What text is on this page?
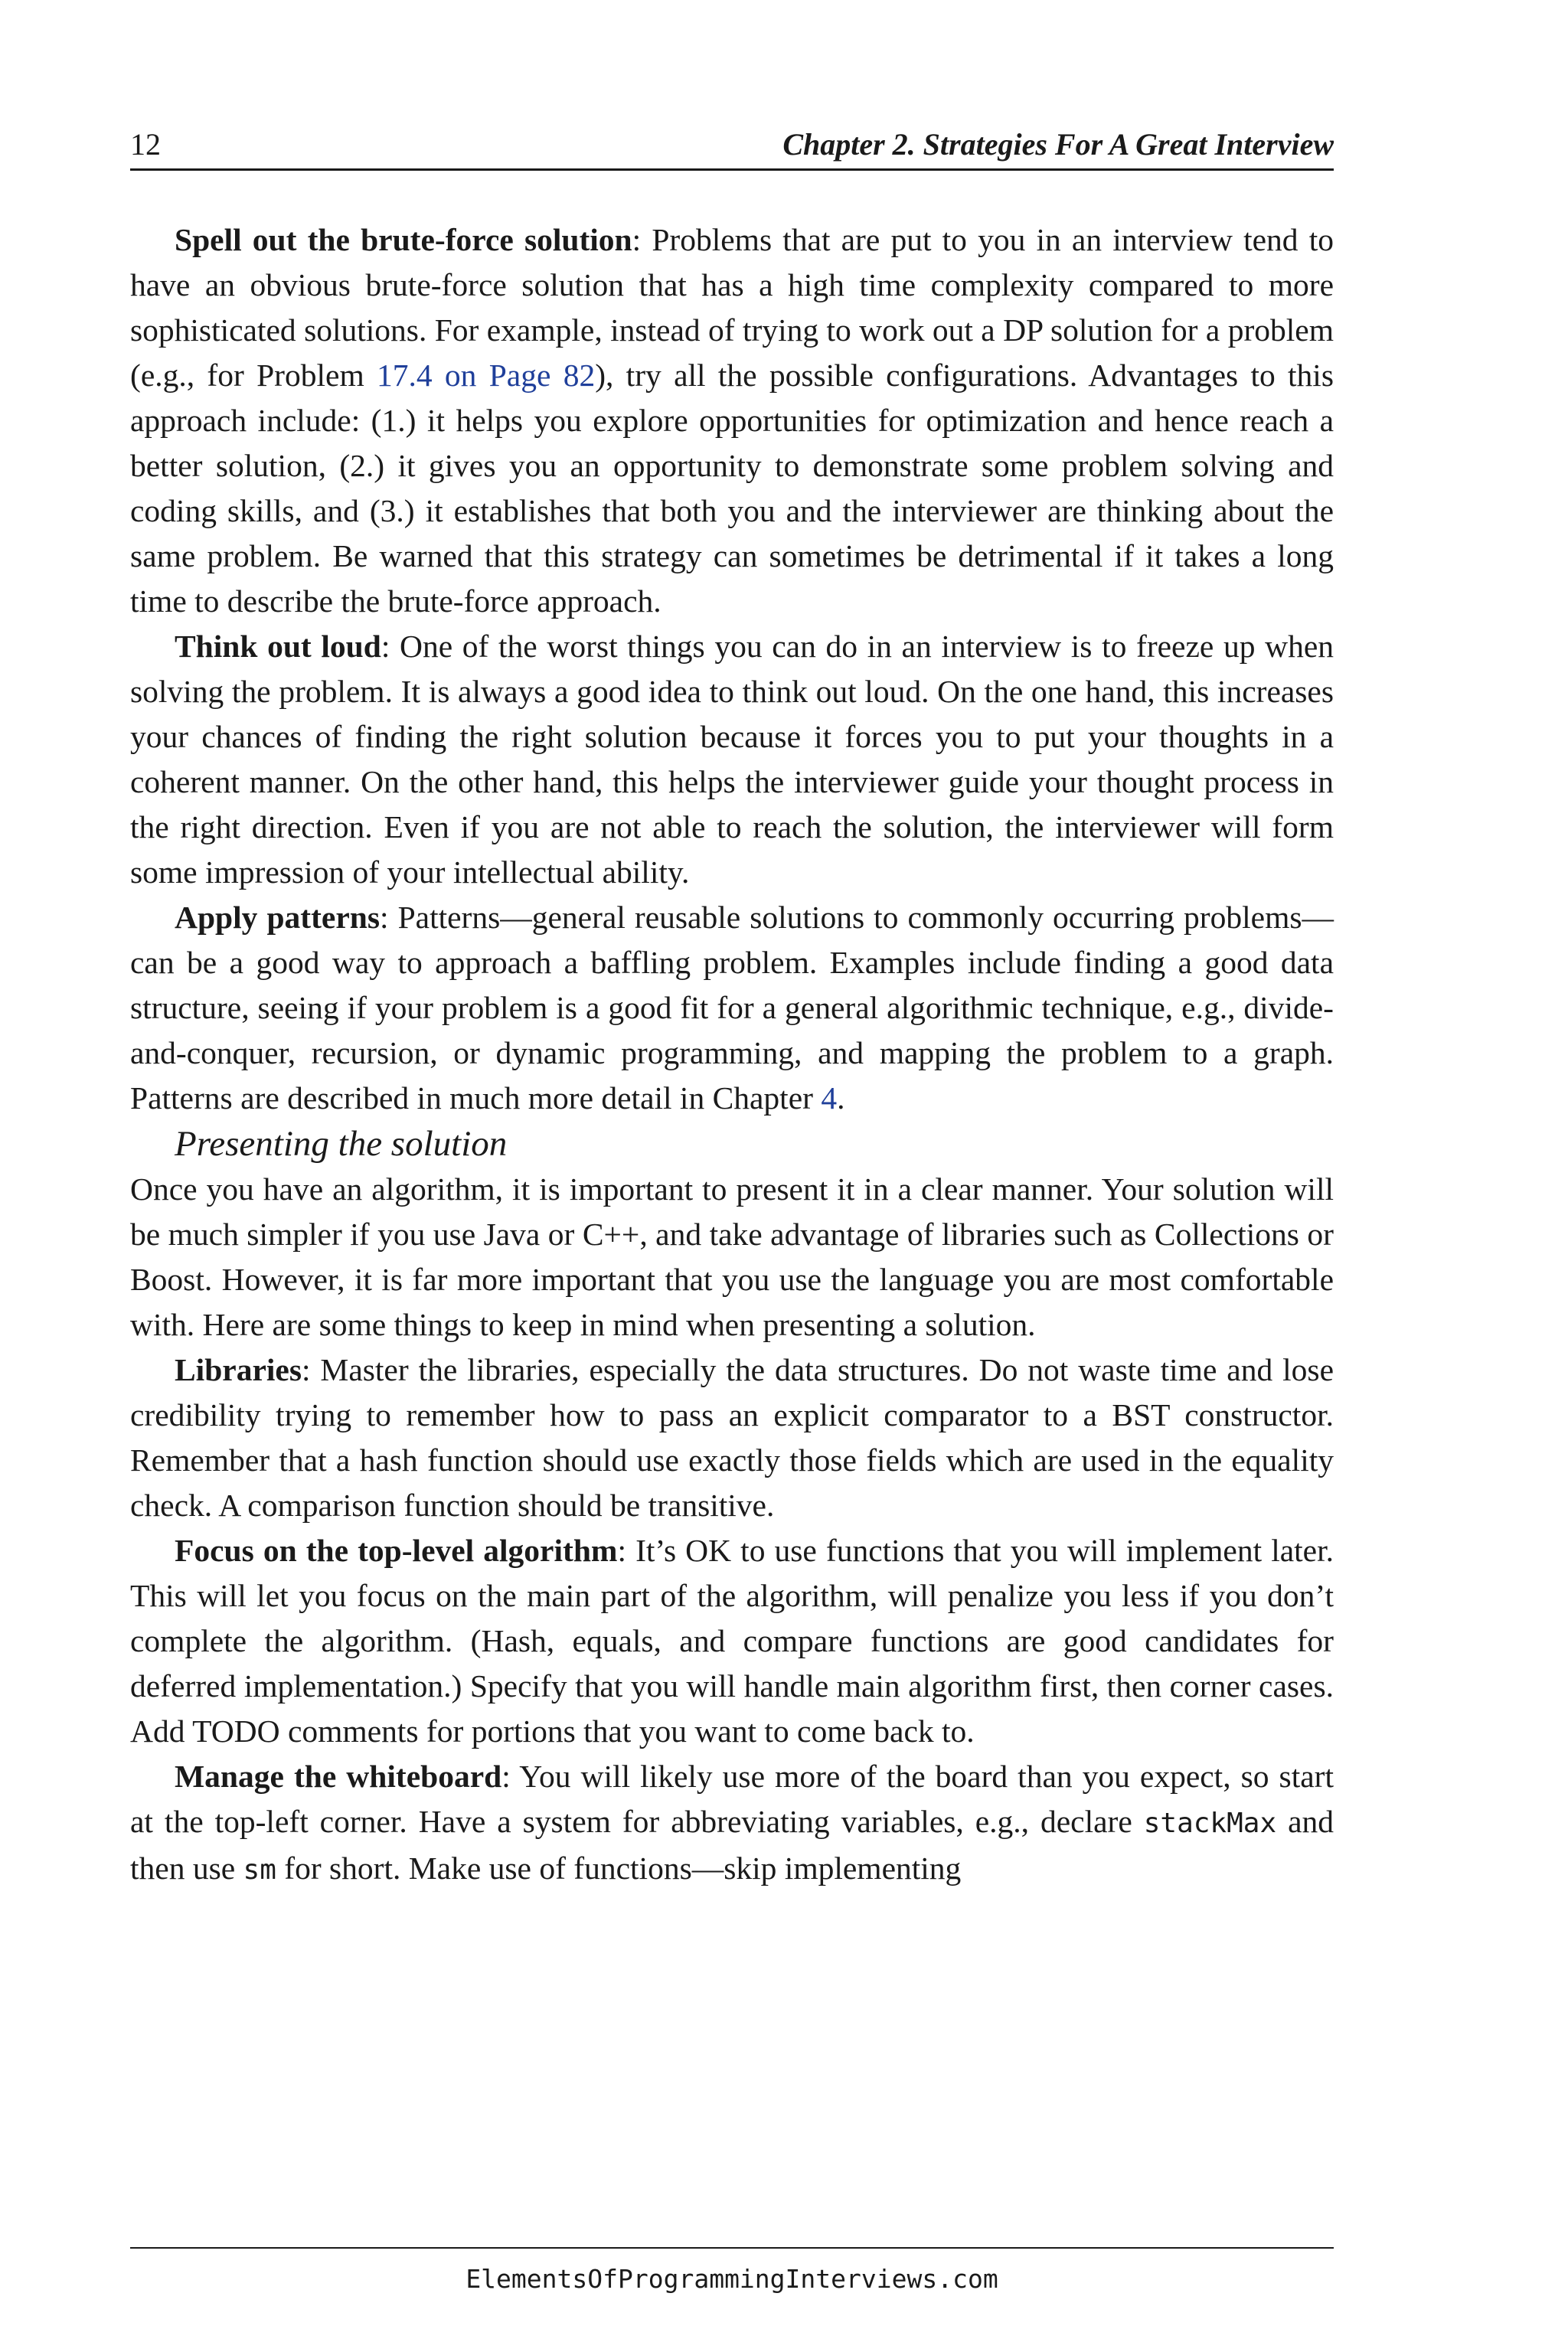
12	Chapter 2. Strategies For A Great Interview

Spell out the brute-force solution: Problems that are put to you in an interview tend to have an obvious brute-force solution that has a high time complexity compared to more sophisticated solutions. For example, instead of trying to work out a DP solution for a problem (e.g., for Problem 17.4 on Page 82), try all the possible configurations. Advantages to this approach include: (1.) it helps you explore opportunities for optimization and hence reach a better solution, (2.) it gives you an opportunity to demonstrate some problem solving and coding skills, and (3.) it establishes that both you and the interviewer are thinking about the same problem. Be warned that this strategy can sometimes be detrimental if it takes a long time to describe the brute-force approach.

Think out loud: One of the worst things you can do in an interview is to freeze up when solving the problem. It is always a good idea to think out loud. On the one hand, this increases your chances of finding the right solution because it forces you to put your thoughts in a coherent manner. On the other hand, this helps the interviewer guide your thought process in the right direction. Even if you are not able to reach the solution, the interviewer will form some impression of your intellectual ability.

Apply patterns: Patterns—general reusable solutions to commonly occurring problems—can be a good way to approach a baffling problem. Examples include finding a good data structure, seeing if your problem is a good fit for a general algorithmic technique, e.g., divide-and-conquer, recursion, or dynamic programming, and mapping the problem to a graph. Patterns are described in much more detail in Chapter 4.

Presenting the solution

Once you have an algorithm, it is important to present it in a clear manner. Your solution will be much simpler if you use Java or C++, and take advantage of libraries such as Collections or Boost. However, it is far more important that you use the language you are most comfortable with. Here are some things to keep in mind when presenting a solution.

Libraries: Master the libraries, especially the data structures. Do not waste time and lose credibility trying to remember how to pass an explicit comparator to a BST constructor. Remember that a hash function should use exactly those fields which are used in the equality check. A comparison function should be transitive.

Focus on the top-level algorithm: It’s OK to use functions that you will implement later. This will let you focus on the main part of the algorithm, will penalize you less if you don’t complete the algorithm. (Hash, equals, and compare functions are good candidates for deferred implementation.) Specify that you will handle main algorithm first, then corner cases. Add TODO comments for portions that you want to come back to.

Manage the whiteboard: You will likely use more of the board than you expect, so start at the top-left corner. Have a system for abbreviating variables, e.g., declare stackMax and then use sm for short. Make use of functions—skip implementing

ElementsOfProgrammingInterviews.com
